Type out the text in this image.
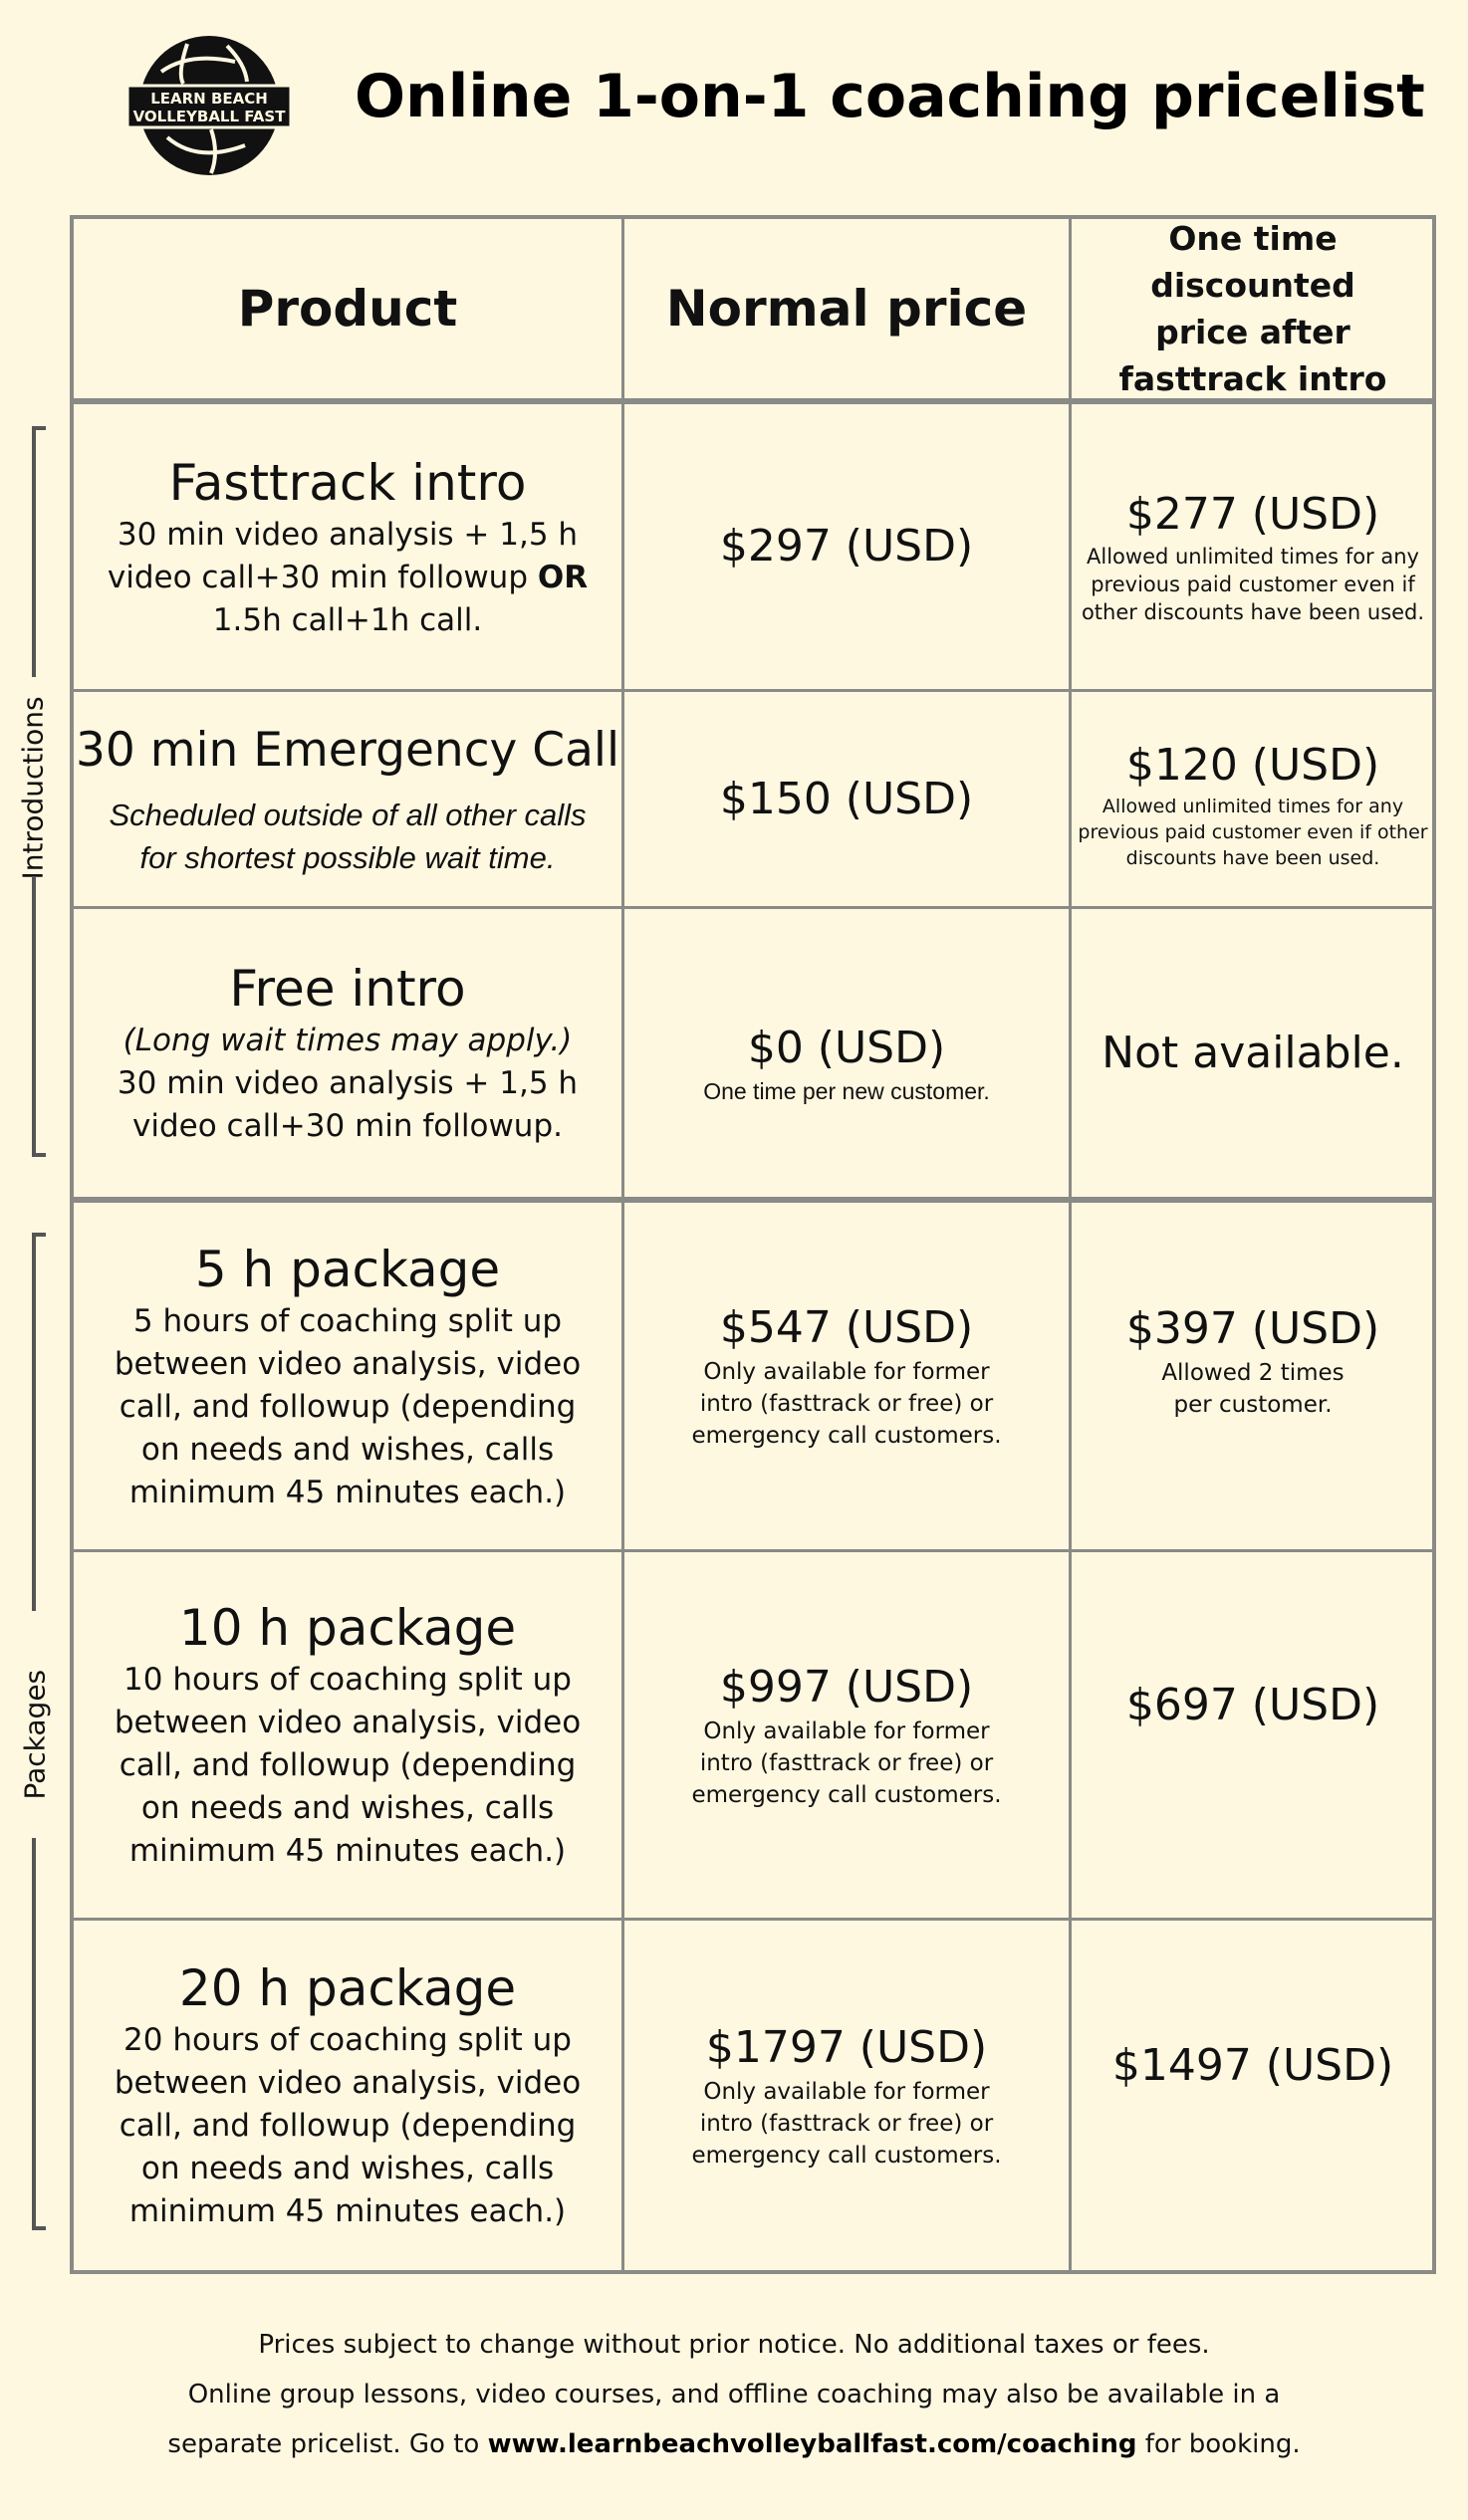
LEARN BEACH
VOLLEYBALL FAST Online 1-on-1 coaching pricelist
Introductions
Packages
Product	Normal price
One time discounted
price after
fasttrack intro
Fasttrack intro
30 min video analysis + 1,5 h
video call+30 min followup OR
1.5h call+1h call.
$297 (USD)
$277 (USD)
Allowed unlimited times for any
previous paid customer even if
other discounts have been used.
30 min Emergency Call
Scheduled outside of all other calls
for shortest possible wait time.
$150 (USD)
$120 (USD)
Allowed unlimited times for any
previous paid customer even if other
discounts have been used.
Free intro
(Long wait times may apply.)
30 min video analysis + 1,5 h
video call+30 min followup.
$0 (USD)
One time per new customer.
Not available.
5 h package
5 hours of coaching split up
between video analysis, video
call, and followup (depending
on needs and wishes, calls
minimum 45 minutes each.)
$547 (USD)
Only available for former
intro (fasttrack or free) or
emergency call customers.
$397 (USD)
Allowed 2 times
per customer.
10 h package
10 hours of coaching split up
between video analysis, video
call, and followup (depending
on needs and wishes, calls
minimum 45 minutes each.)
$997 (USD)
Only available for former
intro (fasttrack or free) or
emergency call customers.
$697 (USD)
20 h package
20 hours of coaching split up
between video analysis, video
call, and followup (depending
on needs and wishes, calls
minimum 45 minutes each.)
$1797 (USD)
Only available for former
intro (fasttrack or free) or
emergency call customers.
$1497 (USD)
Prices subject to change without prior notice. No additional taxes or fees.
Online group lessons, video courses, and offline coaching may also be available in a
separate pricelist. Go to www.learnbeachvolleyballfast.com/coaching for booking.
